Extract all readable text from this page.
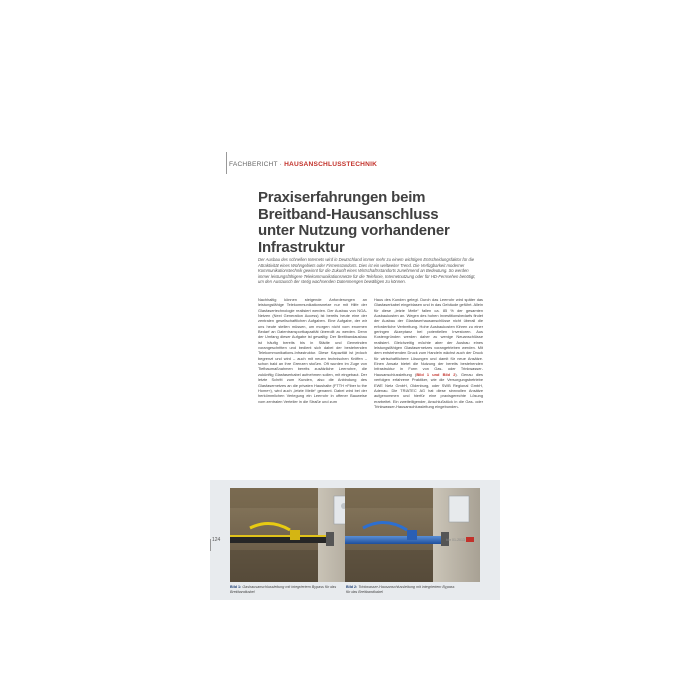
FACHBERICHT · HAUSANSCHLUSSTECHNIK
Praxiserfahrungen beim Breitband-Hausanschluss unter Nutzung vorhandener Infrastruktur
Der Ausbau des schnellen Internets wird in Deutschland immer mehr zu einem wichtigen Entscheidungsfaktor für die Attraktivität eines Wohngebiets oder Firmenstandorts. Dies ist ein weltweiter Trend. Die Verfügbarkeit moderner Kommunikationstechnik gewinnt für die Zukunft eines Wirtschaftsstandorts zunehmend an Bedeutung. So werden immer leistungsfähigere Telekommunikationsnetze für die Telefonie, Internetnutzung oder für HD-Fernsehen benötigt, um den Austausch der stetig wachsenden Datenmengen bewältigen zu können.
Nachhaltig können steigende Anforderungen an leistungsfähige Telekommunikationsnetze nur mit Hilfe der Glasfasertechnologie realisiert werden. Der Ausbau von NGA-Netzen (Next Generation Access) ist bereits heute eine der zentralen gesellschaftlichen Aufgaben. Eine Aufgabe, der wir uns heute stellen müssen, um morgen nicht vom enormen Bedarf an Datentransportkapazität überrollt zu werden. Denn der Umfang dieser Aufgabe ist gewaltig: Der Breitbandausbau ist häufig bereits bis in Städte und Gemeinden vorangeschritten und bedient sich dabei der bestehenden Telekommunikations-Infrastruktur. Diese Kapazität ist jedoch begrenzt und wird – auch mit neuen technischen Kniffen – schon bald an ihre Grenzen stoßen. Oft wurden im Zuge von Tiefbaumaßnahmen bereits zusätzliche Leerrohre, die zukünftig Glasfaserkabel aufnehmen sollen, mit eingebaut. Der letzte Schritt zum Kunden, also die Anbindung des Glasfasernetzes an die privaten Haushalte (FTTH »Fiber to the Home«), wird auch „letzte Meile“ genannt. Dabei wird bei der herkömmlichen Verlegung ein Leerrohr in offener Bauweise vom zentralen Verteiler in die Straße und zum
Haus des Kunden gelegt. Durch das Leerrohr wird später das Glasfaserkabel eingeblasen und in das Gebäude geführt. Allein für diese „letzte Meile“ fallen ca. 85 % der gesamten Ausbaukosten an. Wegen des hohen Investitionsbedarfs findet der Ausbau der Glasfaserhausanschlüsse nicht überall die erforderliche Verbreitung. Hohe Ausbaukosten führen zu einer geringen Akzeptanz bei potentiellen Investoren. Aus Kostengründen werden daher zu wenige Neuanschlüsse realisiert. Gleichzeitig möchte aber der Ausbau eines leistungsfähigen Glasfasernetzes vorangetrieben werden. Mit dem entstehenden Druck zum Handeln wächst auch der Druck für wirtschaftlichere Lösungen und damit für neue Ansätze. Einen Ansatz bietet die Nutzung der bereits bestehenden Infrastruktur in Form von Gas- oder Trinkwasser-Hausanschlussleitung (Bild 1 und Bild 2). Genau dies verfolgen erfahrene Praktiker, wie die Versorgungsbetriebe EWE Netz GmbH, Oldenburg, oder SWB Regional GmbH, Adenau. Die TRIATEC AG hat diese sinnvollen Ansätze aufgenommen und hierfür eine praxisgerechte Lösung erarbeitet. Ein zweiteiligender, Anschlußstück in die Gas- oder Trinkwasser-Hausanschlussleitung eingebunden-
Bild 1: Gashausanschlussleitung mit integriertem Bypass für das Breitbandkabel
Bild 2: Trinkwasser-Hausanschlussleitung mit integriertem Bypass für das Breitbandkabel
124	bbr 01-2013
